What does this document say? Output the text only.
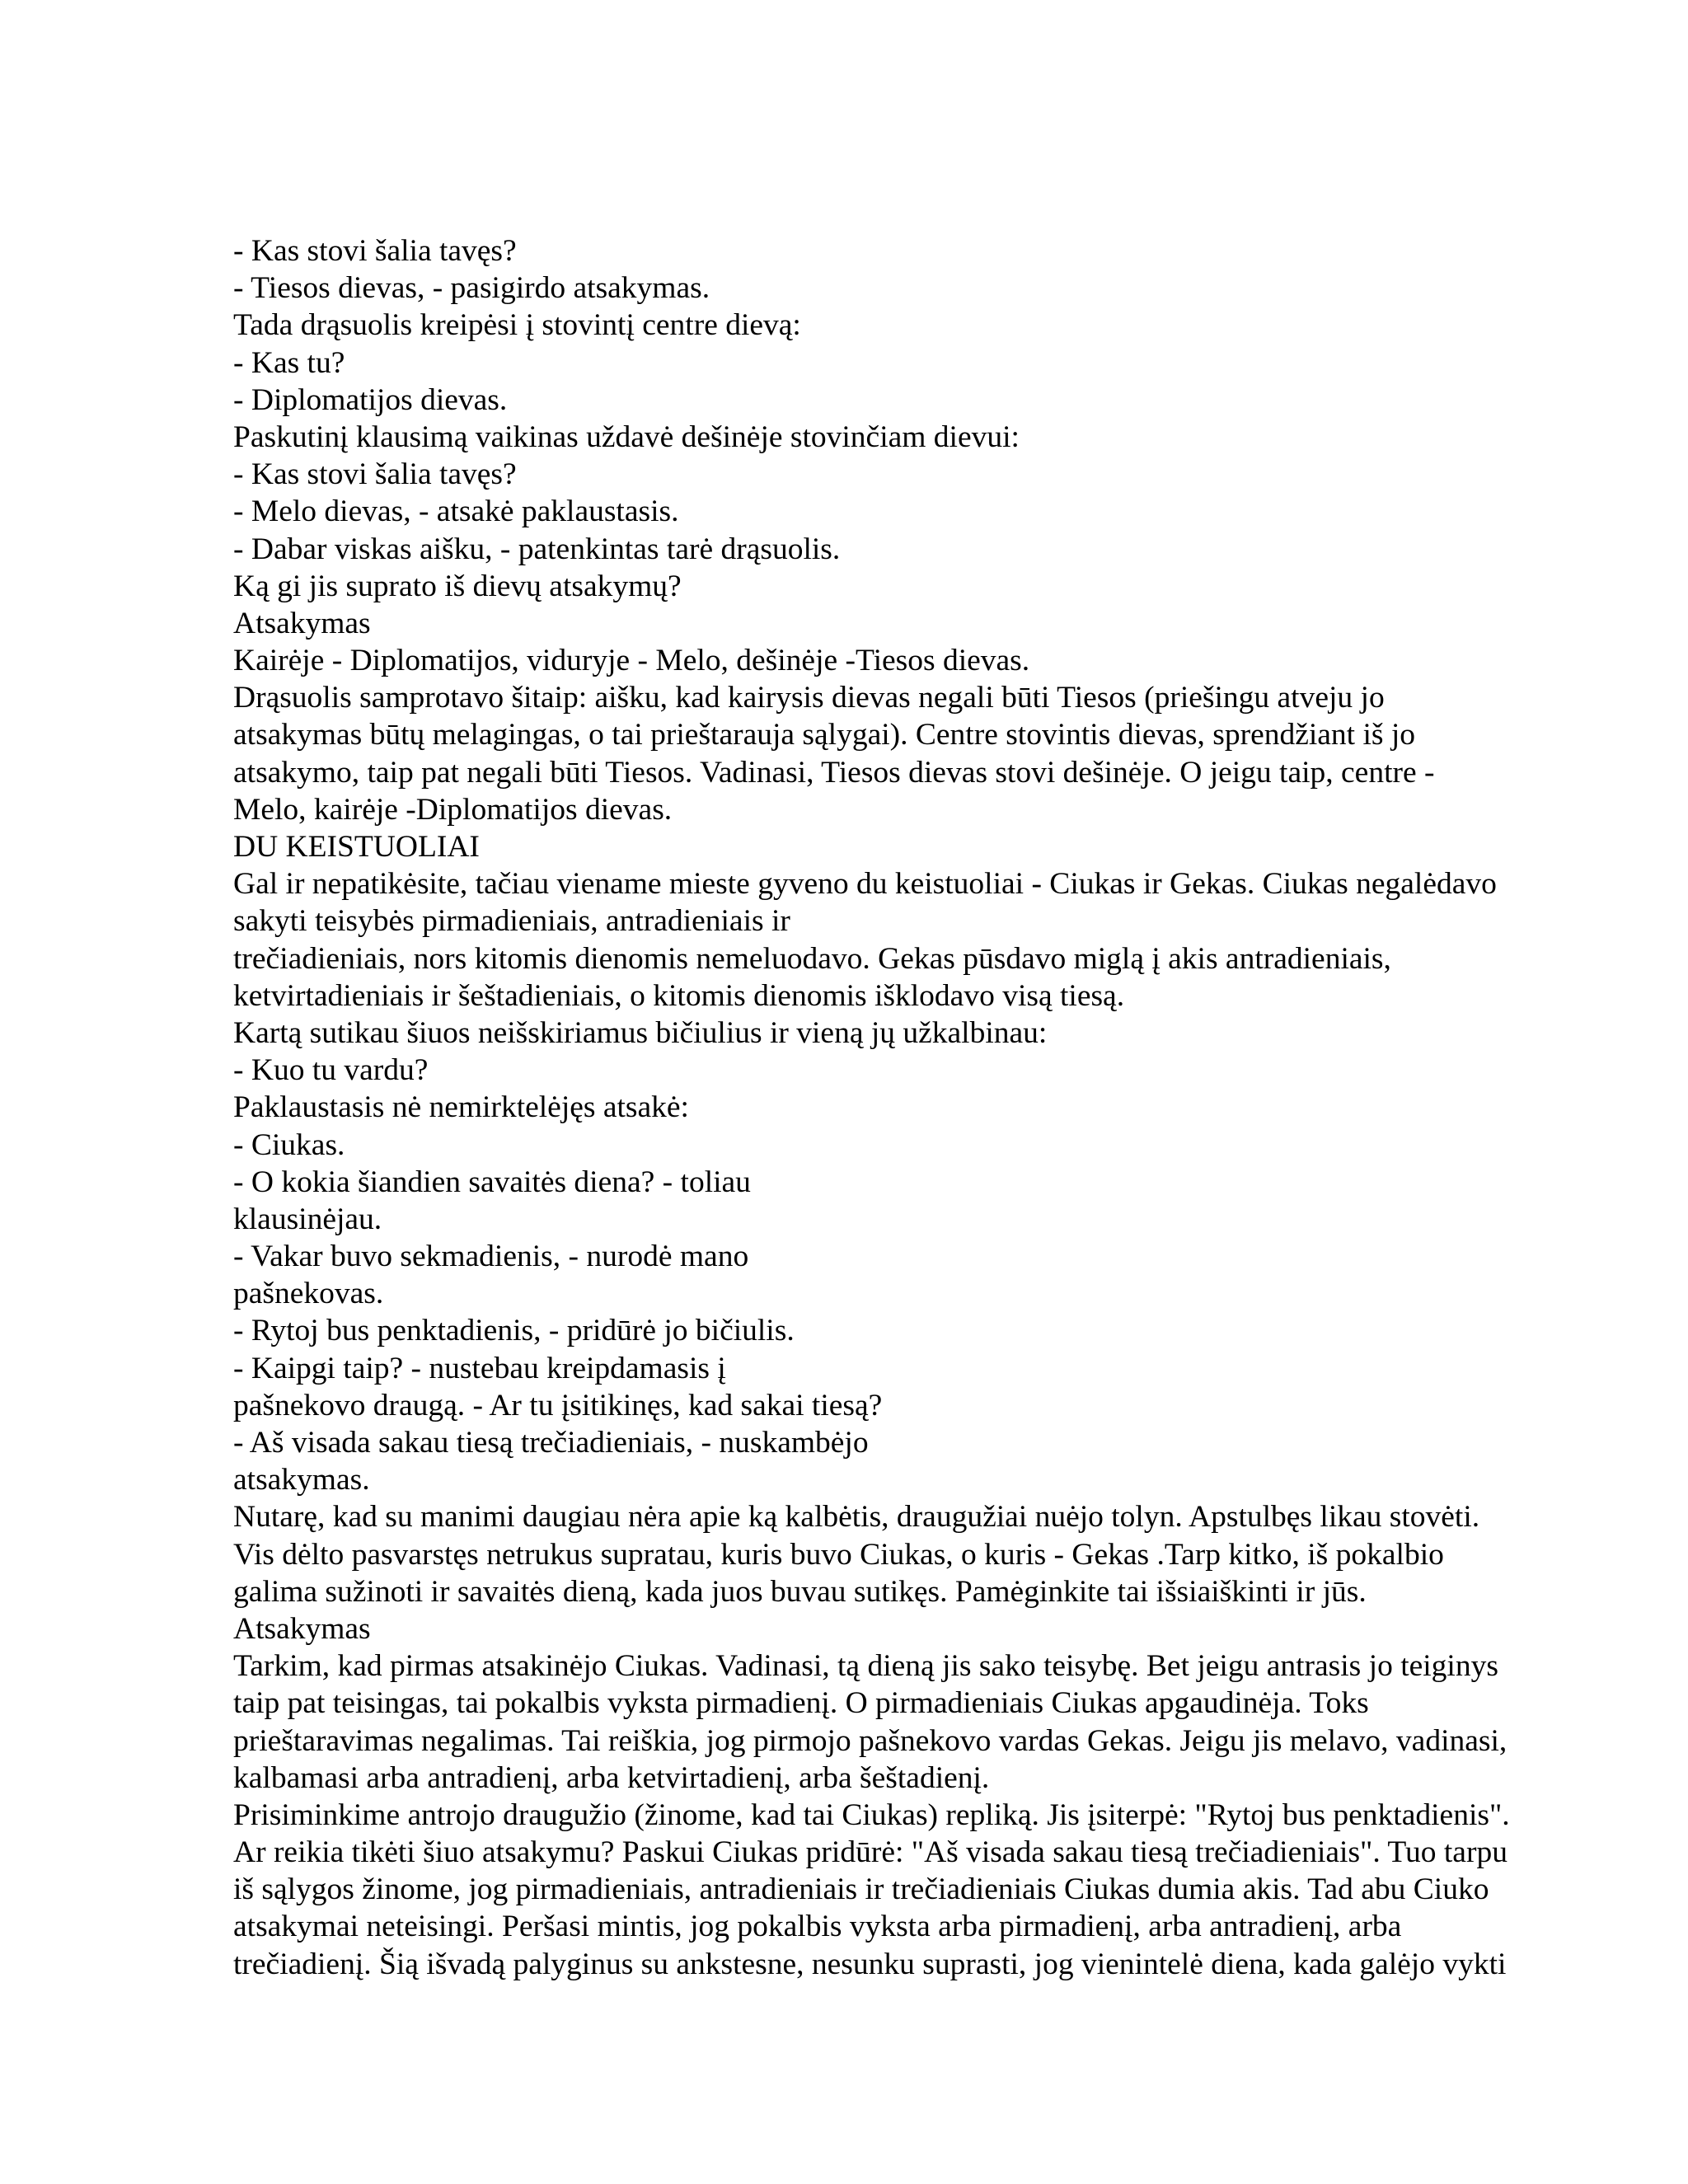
- Kas stovi šalia tavęs?

- Tiesos dievas, - pasigirdo atsakymas.

Tada drąsuolis kreipėsi į stovintį centre dievą:

- Kas tu?

- Diplomatijos dievas.

Paskutinį klausimą vaikinas uždavė dešinėje stovinčiam dievui:

- Kas stovi šalia tavęs?

- Melo dievas, - atsakė paklaustasis.

- Dabar viskas aišku, - patenkintas tarė drąsuolis.

Ką gi jis suprato iš dievų atsakymų?

Atsakymas

Kairėje - Diplomatijos, viduryje - Melo, dešinėje -Tiesos dievas.

Drąsuolis samprotavo šitaip: aišku, kad kairysis dievas negali būti Tiesos (priešingu atveju jo

atsakymas būtų melagingas, o tai prieštarauja sąlygai). Centre stovintis dievas, sprendžiant iš jo

atsakymo, taip pat negali būti Tiesos. Vadinasi, Tiesos dievas stovi dešinėje. O jeigu taip, centre -

Melo, kairėje -Diplomatijos dievas.

DU KEISTUOLIAI

Gal ir nepatikėsite, tačiau viename mieste gyveno du keistuoliai - Ciukas ir Gekas. Ciukas negalėdavo

sakyti teisybės pirmadieniais, antradieniais ir

trečiadieniais, nors kitomis dienomis nemeluodavo. Gekas pūsdavo miglą į akis antradieniais,

ketvirtadieniais ir šeštadieniais, o kitomis dienomis išklodavo visą tiesą.

Kartą sutikau šiuos neišskiriamus bičiulius ir vieną jų užkalbinau:

- Kuo tu vardu?

Paklaustasis nė nemirktelėjęs atsakė:

- Ciukas.

- O kokia šiandien savaitės diena? - toliau

klausinėjau.

- Vakar buvo sekmadienis, - nurodė mano

pašnekovas.

- Rytoj bus penktadienis, - pridūrė jo bičiulis.

- Kaipgi taip? - nustebau kreipdamasis į

pašnekovo draugą. - Ar tu įsitikinęs, kad sakai tiesą?

- Aš visada sakau tiesą trečiadieniais, - nuskambėjo

atsakymas.

Nutarę, kad su manimi daugiau nėra apie ką kalbėtis, draugužiai nuėjo tolyn. Apstulbęs likau stovėti.

Vis dėlto pasvarstęs netrukus supratau, kuris buvo Ciukas, o kuris - Gekas .Tarp kitko, iš pokalbio

galima sužinoti ir savaitės dieną, kada juos buvau sutikęs. Pamėginkite tai išsiaiškinti ir jūs.

Atsakymas

Tarkim, kad pirmas atsakinėjo Ciukas. Vadinasi, tą dieną jis sako teisybę. Bet jeigu antrasis jo teiginys

taip pat teisingas, tai pokalbis vyksta pirmadienį. O pirmadieniais Ciukas apgaudinėja. Toks

prieštaravimas negalimas. Tai reiškia, jog pirmojo pašnekovo vardas Gekas. Jeigu jis melavo, vadinasi,

kalbamasi arba antradienį, arba ketvirtadienį, arba šeštadienį.

Prisiminkime antrojo draugužio (žinome, kad tai Ciukas) repliką. Jis įsiterpė: "Rytoj bus penktadienis".

Ar reikia tikėti šiuo atsakymu? Paskui Ciukas pridūrė: "Aš visada sakau tiesą trečiadieniais". Tuo tarpu

iš sąlygos žinome, jog pirmadieniais, antradieniais ir trečiadieniais Ciukas dumia akis. Tad abu Ciuko

atsakymai neteisingi. Peršasi mintis, jog pokalbis vyksta arba pirmadienį, arba antradienį, arba

trečiadienį. Šią išvadą palyginus su ankstesne, nesunku suprasti, jog vienintelė diena, kada galėjo vykti
